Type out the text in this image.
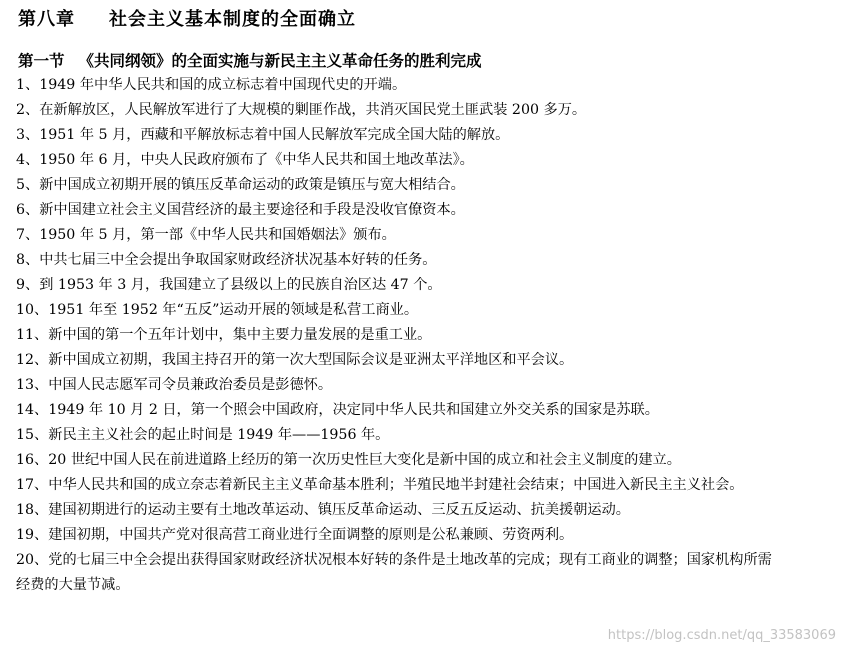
第八章 社会主义基本制度的全面确立
第一节 《共同纲领》的全面实施与新民主主义革命任务的胜利完成
1、1949 年中华人民共和国的成立标志着中国现代史的开端。
2、在新解放区，人民解放军进行了大规模的剿匪作战，共消灭国民党土匪武装 200 多万。
3、1951 年 5 月，西藏和平解放标志着中国人民解放军完成全国大陆的解放。
4、1950 年 6 月，中央人民政府颁布了《中华人民共和国土地改革法》。
5、新中国成立初期开展的镇压反革命运动的政策是镇压与宽大相结合。
6、新中国建立社会主义国营经济的最主要途径和手段是没收官僚资本。
7、1950 年 5 月，第一部《中华人民共和国婚姻法》颁布。
8、中共七届三中全会提出争取国家财政经济状况基本好转的任务。
9、到 1953 年 3 月，我国建立了县级以上的民族自治区达 47 个。
10、1951 年至 1952 年“五反”运动开展的领域是私营工商业。
11、新中国的第一个五年计划中，集中主要力量发展的是重工业。
12、新中国成立初期，我国主持召开的第一次大型国际会议是亚洲太平洋地区和平会议。
13、中国人民志愿军司令员兼政治委员是彭德怀。
14、1949 年 10 月 2 日，第一个照会中国政府，决定同中华人民共和国建立外交关系的国家是苏联。
15、新民主主义社会的起止时间是 1949 年——1956 年。
16、20 世纪中国人民在前进道路上经历的第一次历史性巨大变化是新中国的成立和社会主义制度的建立。
17、中华人民共和国的成立奈志着新民主主义革命基本胜利；半殖民地半封建社会结束；中国进入新民主主义社会。
18、建国初期进行的运动主要有土地改革运动、镇压反革命运动、三反五反运动、抗美援朝运动。
19、建国初期，中国共产党对很高营工商业进行全面调整的原则是公私兼顾、劳资两利。
20、党的七届三中全会提出获得国家财政经济状况根本好转的条件是土地改革的完成；现有工商业的调整；国家机构所需经费的大量节减。
https://blog.csdn.net/qq_33583069
